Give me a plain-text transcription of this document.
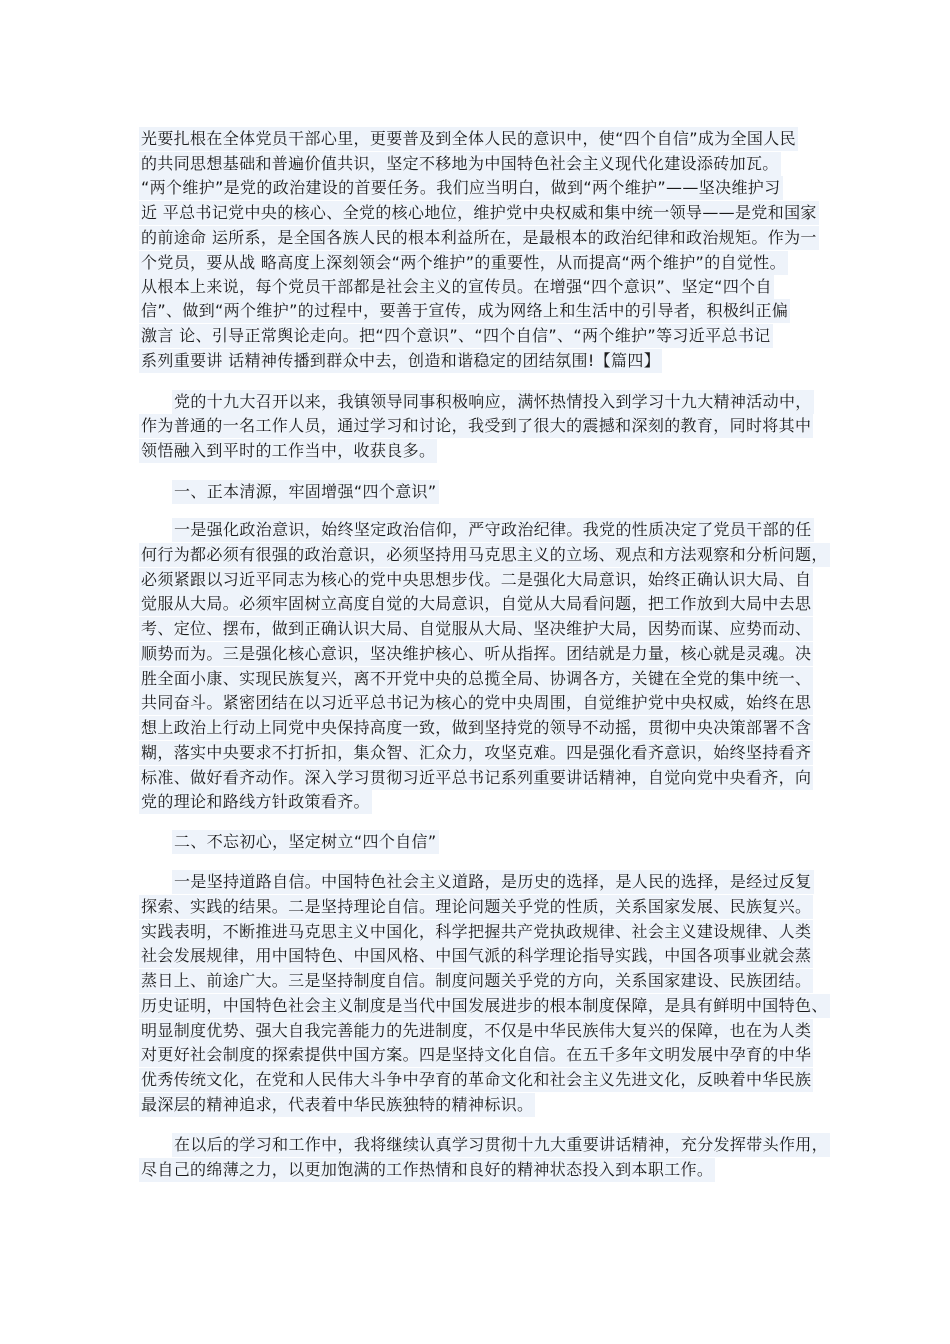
光要扎根在全体党员干部心里，更要普及到全体人民的意识中，使“四个自信”成为全国人民
的共同思想基础和普遍价值共识，坚定不移地为中国特色社会主义现代化建设添砖加瓦。
“两个维护”是党的政治建设的首要任务。我们应当明白，做到“两个维护”——坚决维护习
近 平总书记党中央的核心、全党的核心地位，维护党中央权威和集中统一领导——是党和国家
的前途命 运所系，是全国各族人民的根本利益所在，是最根本的政治纪律和政治规矩。作为一
个党员，要从战 略高度上深刻领会“两个维护”的重要性，从而提高“两个维护”的自觉性。
从根本上来说，每个党员干部都是社会主义的宣传员。在增强“四个意识”、坚定“四个自
信”、做到“两个维护”的过程中，要善于宣传，成为网络上和生活中的引导者，积极纠正偏
激言 论、引导正常舆论走向。把“四个意识”、“四个自信”、“两个维护”等习近平总书记
系列重要讲 话精神传播到群众中去，创造和谐稳定的团结氛围!【篇四】
党的十九大召开以来，我镇领导同事积极响应，满怀热情投入到学习十九大精神活动中，
作为普通的一名工作人员，通过学习和讨论，我受到了很大的震撼和深刻的教育，同时将其中
领悟融入到平时的工作当中，收获良多。
一、正本清源，牢固增强“四个意识”
一是强化政治意识，始终坚定政治信仰，严守政治纪律。我党的性质决定了党员干部的任
何行为都必须有很强的政治意识，必须坚持用马克思主义的立场、观点和方法观察和分析问题，
必须紧跟以习近平同志为核心的党中央思想步伐。二是强化大局意识，始终正确认识大局、自
觉服从大局。必须牢固树立高度自觉的大局意识，自觉从大局看问题，把工作放到大局中去思
考、定位、摆布，做到正确认识大局、自觉服从大局、坚决维护大局，因势而谋、应势而动、
顺势而为。三是强化核心意识，坚决维护核心、听从指挥。团结就是力量，核心就是灵魂。决
胜全面小康、实现民族复兴，离不开党中央的总揽全局、协调各方，关键在全党的集中统一、
共同奋斗。紧密团结在以习近平总书记为核心的党中央周围，自觉维护党中央权威，始终在思
想上政治上行动上同党中央保持高度一致，做到坚持党的领导不动摇，贯彻中央决策部署不含
糊，落实中央要求不打折扣，集众智、汇众力，攻坚克难。四是强化看齐意识，始终坚持看齐
标准、做好看齐动作。深入学习贯彻习近平总书记系列重要讲话精神，自觉向党中央看齐，向
党的理论和路线方针政策看齐。
二、不忘初心，坚定树立“四个自信”
一是坚持道路自信。中国特色社会主义道路，是历史的选择，是人民的选择，是经过反复
探索、实践的结果。二是坚持理论自信。理论问题关乎党的性质，关系国家发展、民族复兴。
实践表明，不断推进马克思主义中国化，科学把握共产党执政规律、社会主义建设规律、人类
社会发展规律，用中国特色、中国风格、中国气派的科学理论指导实践，中国各项事业就会蒸
蒸日上、前途广大。三是坚持制度自信。制度问题关乎党的方向，关系国家建设、民族团结。
历史证明，中国特色社会主义制度是当代中国发展进步的根本制度保障，是具有鲜明中国特色、
明显制度优势、强大自我完善能力的先进制度，不仅是中华民族伟大复兴的保障，也在为人类
对更好社会制度的探索提供中国方案。四是坚持文化自信。在五千多年文明发展中孕育的中华
优秀传统文化，在党和人民伟大斗争中孕育的革命文化和社会主义先进文化，反映着中华民族
最深层的精神追求，代表着中华民族独特的精神标识。
在以后的学习和工作中，我将继续认真学习贯彻十九大重要讲话精神，充分发挥带头作用，
尽自己的绵薄之力，以更加饱满的工作热情和良好的精神状态投入到本职工作。
